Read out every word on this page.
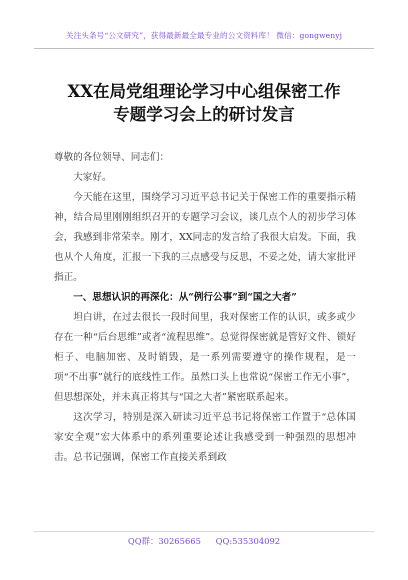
关注头条号“公文研究”，获得最新最全最专业的公文资料库！ 微信：gongwenyj
XX在局党组理论学习中心组保密工作
专题学习会上的研讨发言

尊敬的各位领导、同志们：

大家好。

今天能在这里，围绕学习习近平总书记关于保密工作的重要指示精神，结合局里刚刚组织召开的专题学习会议，谈几点个人的初步学习体会，我感到非常荣幸。刚才，XX同志的发言给了我很大启发。下面，我也从个人角度，汇报一下我的三点感受与反思，不妥之处，请大家批评指正。

一、思想认识的再深化：从“例行公事”到“国之大者”

坦白讲，在过去很长一段时间里，我对保密工作的认识，或多或少存在一种“后台思维”或者“流程思维”。总觉得保密就是管好文件、锁好柜子、电脑加密、及时销毁，是一系列需要遵守的操作规程，是一项“不出事”就行的底线性工作。虽然口头上也常说“保密工作无小事”，但思想深处，并未真正将其与“国之大者”紧密联系起来。

这次学习，特别是深入研读习近平总书记将保密工作置于“总体国家安全观”宏大体系中的系列重要论述让我感受到一种强烈的思想冲击。总书记强调，保密工作直接关系到政

QQ群：30265665 QQ:535304092
